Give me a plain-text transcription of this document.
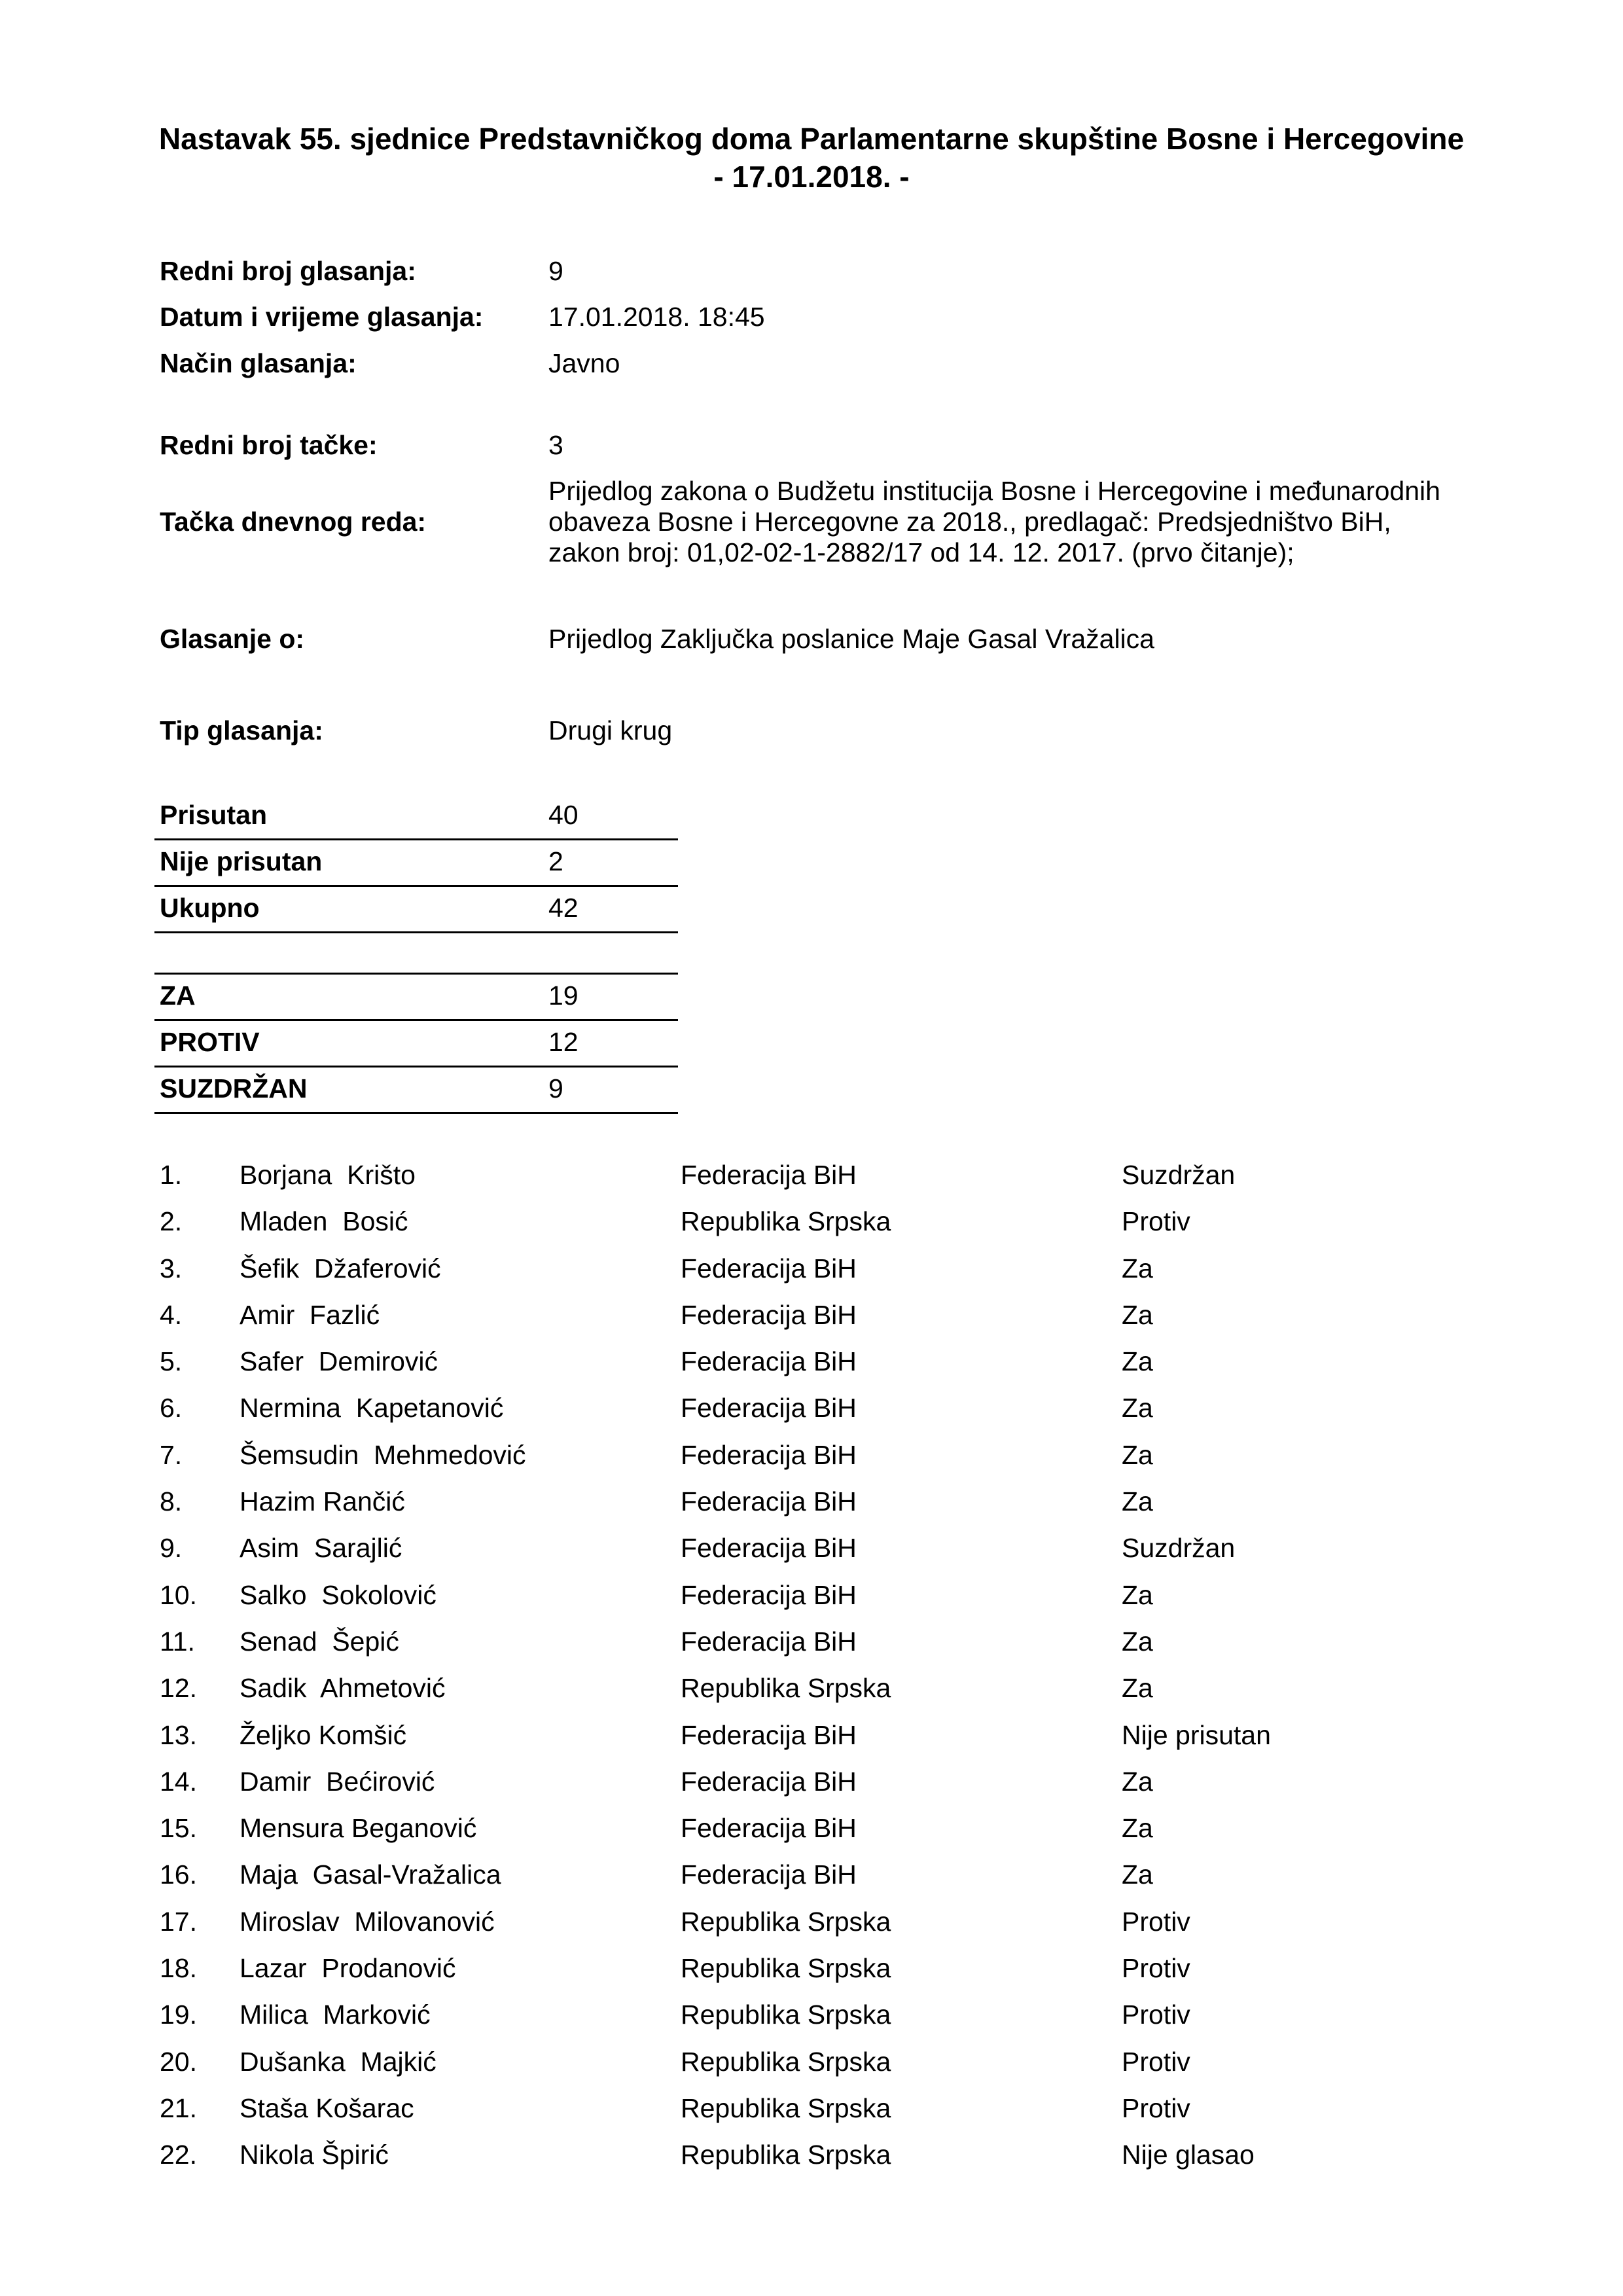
Nastavak 55. sjednice Predstavničkog doma Parlamentarne skupštine Bosne i Hercegovine
- 17.01.2018. -
Redni broj glasanja:	9
Datum i vrijeme glasanja: 17.01.2018. 18:45
Način glasanja:	Javno
Redni broj tačke:	3
Tačka dnevnog reda:
Prijedlog zakona o Budžetu institucija Bosne i Hercegovine i međunarodnih
obaveza Bosne i Hercegovne za 2018., predlagač: Predsjedništvo BiH,
zakon broj: 01,02-02-1-2882/17 od 14. 12. 2017. (prvo čitanje);
Glasanje o:	Prijedlog Zaključka poslanice Maje Gasal Vražalica
Tip glasanja:	Drugi krug
Prisutan	40
Nije prisutan	2
Ukupno	42
ZA	19
PROTIV	12
SUZDRŽAN	9
1. Borjana  Krišto	Federacija BiH	Suzdržan
2. Mladen  Bosić	Republika Srpska	Protiv
3. Šefik  Džaferović	Federacija BiH	Za
4. Amir  Fazlić	Federacija BiH	Za
5. Safer  Demirović	Federacija BiH	Za
6. Nermina  Kapetanović	Federacija BiH	Za
7. Šemsudin  Mehmedović	Federacija BiH	Za
8. Hazim Rančić	Federacija BiH	Za
9. Asim  Sarajlić	Federacija BiH	Suzdržan
10. Salko  Sokolović	Federacija BiH	Za
11. Senad  Šepić	Federacija BiH	Za
12. Sadik  Ahmetović	Republika Srpska	Za
13. Željko Komšić	Federacija BiH	Nije prisutan
14. Damir  Bećirović	Federacija BiH	Za
15. Mensura Beganović	Federacija BiH	Za
16. Maja  Gasal-Vražalica	Federacija BiH	Za
17. Miroslav  Milovanović	Republika Srpska	Protiv
18. Lazar  Prodanović	Republika Srpska	Protiv
19. Milica  Marković	Republika Srpska	Protiv
20. Dušanka  Majkić	Republika Srpska	Protiv
21. Staša Košarac	Republika Srpska	Protiv
22. Nikola Špirić	Republika Srpska	Nije glasao
